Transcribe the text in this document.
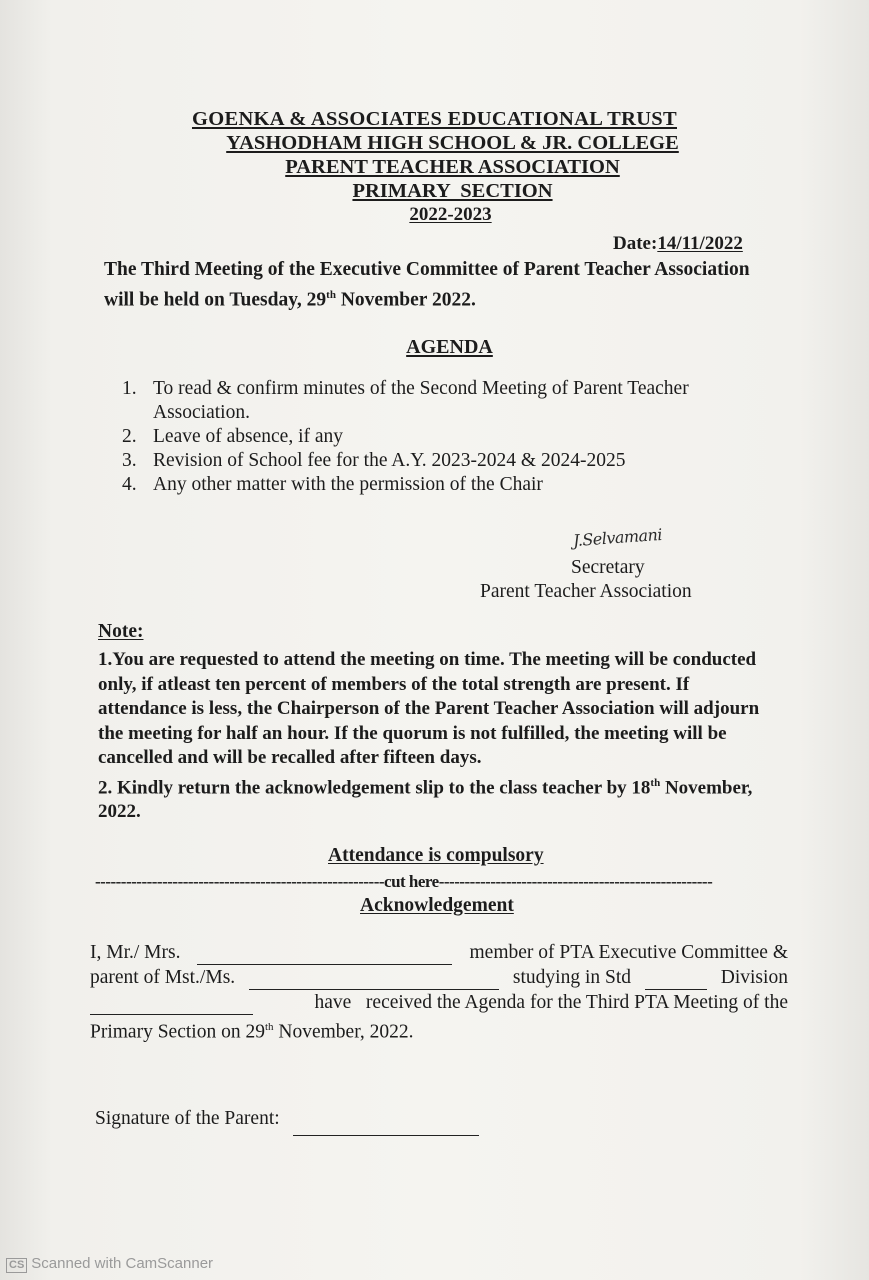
GOENKA & ASSOCIATES EDUCATIONAL TRUST
YASHODHAM HIGH SCHOOL & JR. COLLEGE
PARENT TEACHER ASSOCIATION
PRIMARY  SECTION
2022-2023
Date:14/11/2022
The Third Meeting of the Executive Committee of Parent Teacher Association
will be held on Tuesday, 29th November 2022.
AGENDA
1. To read & confirm minutes of the Second Meeting of Parent Teacher
Association.
2. Leave of absence, if any
3. Revision of School fee for the A.Y. 2023-2024 & 2024-2025
4. Any other matter with the permission of the Chair
J.Selvamani
Secretary
Parent Teacher Association
Note:

1.You are requested to attend the meeting on time. The meeting will be conducted only, if atleast ten percent of members of the total strength are present. If attendance is less, the Chairperson of the Parent Teacher Association will adjourn the meeting for half an hour. If the quorum is not fulfilled, the meeting will be cancelled and will be recalled after fifteen days.

2. Kindly return the acknowledgement slip to the class teacher by 18th November, 2022.

Attendance is compulsory
--------------------------------------------------------cut here-----------------------------------------------------
Acknowledgement
I, Mr./ Mrs.	member of PTA Executive Committee &
parent of Mst./Ms.	studying in Std	Division
have   received the Agenda for the Third PTA Meeting of the
Primary Section on 29th November, 2022.
Signature of the Parent:
CS Scanned with CamScanner
